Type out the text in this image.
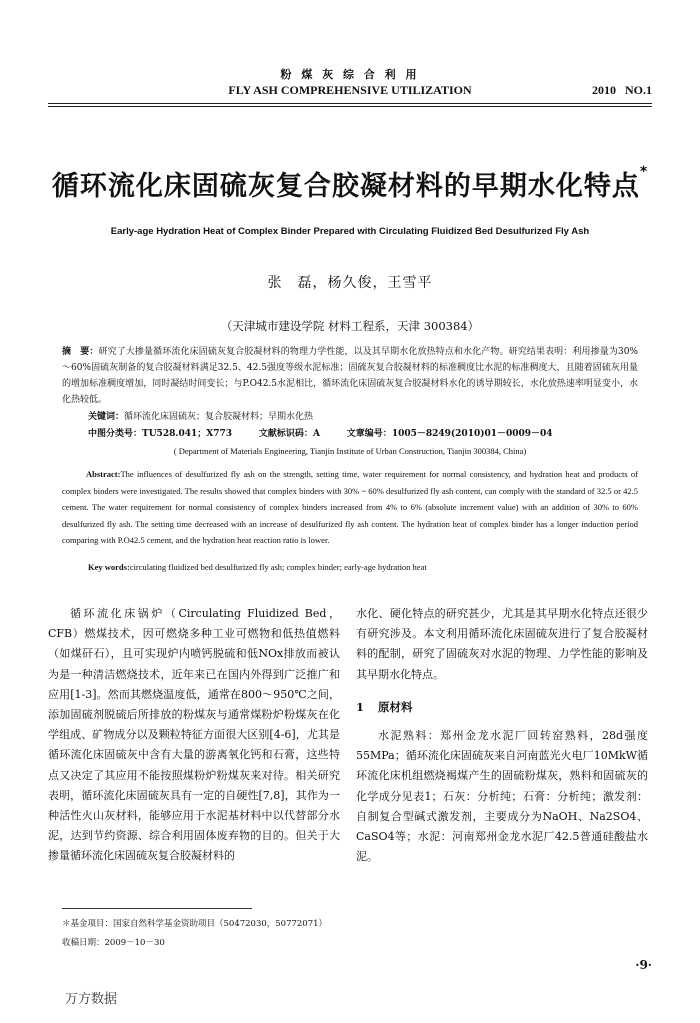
粉 煤 灰 综 合 利 用
FLY ASH COMPREHENSIVE UTILIZATION	2010 NO.1
循环流化床固硫灰复合胶凝材料的早期水化特点*
Early-age Hydration Heat of Complex Binder Prepared with Circulating Fluidized Bed Desulfurized Fly Ash
张　磊，杨久俊，王雪平
（天津城市建设学院 材料工程系，天津 300384）
摘　要：研究了大掺量循环流化床固硫灰复合胶凝材料的物理力学性能，以及其早期水化放热特点和水化产物。研究结果表明：利用掺量为30%～60%固硫灰制备的复合胶凝材料满足32.5、42.5强度等级水泥标准；固硫灰复合胶凝材料的标准稠度比水泥的标准稠度大，且随着固硫灰用量的增加标准稠度增加，同时凝结时间变长；与P.O42.5水泥相比，循环流化床固硫灰复合胶凝材料水化的诱导期较长，水化放热速率明显变小，水化热较低。
关键词：循环流化床固硫灰；复合胶凝材料；早期水化热
中图分类号：TU528.041；X773	文献标识码：A	文章编号：1005－8249(2010)01－0009－04
( Department of Materials Engineering, Tianjin Institute of Urban Construction, Tianjin 300384, China)
Abstract:The influences of desulfurized fly ash on the strength, setting time, water requirement for normal consistency, and hydration heat and products of complex binders were investigated. The results showed that complex binders with 30% ~ 60% desulfurized fly ash content, can comply with the standard of 32.5 or 42.5 cement. The water requirement for normal consistency of complex binders increased from 4% to 6% (absolute increment value) with an addition of 30% to 60% desulfurized fly ash. The setting time decreased with an increase of desulfurized fly ash content. The hydration heat of complex binder has a longer induction period comparing with P.O42.5 cement, and the hydration heat reaction ratio is lower.
Key words:circulating fluidized bed desulfurized fly ash; complex binder; early-age hydration heat

循环流化床锅炉（Circulating Fluidized Bed，CFB）燃煤技术，因可燃烧多种工业可燃物和低热值燃料（如煤矸石），且可实现炉内喷钙脱硫和低NOx排放而被认为是一种清洁燃烧技术，近年来已在国内外得到广泛推广和应用[1-3]。然而其燃烧温度低，通常在800～950℃之间，添加固硫剂脱硫后所排放的粉煤灰与通常煤粉炉粉煤灰在化学组成、矿物成分以及颗粒特征方面很大区别[4-6]，尤其是循环流化床固硫灰中含有大量的游离氧化钙和石膏，这些特点又决定了其应用不能按照煤粉炉粉煤灰来对待。相关研究表明，循环流化床固硫灰具有一定的自硬性[7,8]，其作为一种活性火山灰材料，能够应用于水泥基材料中以代替部分水泥，达到节约资源、综合利用固体废弃物的目的。但关于大掺量循环流化床固硫灰复合胶凝材料的

水化、硬化特点的研究甚少，尤其是其早期水化特点还很少有研究涉及。本文利用循环流化床固硫灰进行了复合胶凝材料的配制，研究了固硫灰对水泥的物理、力学性能的影响及其早期水化特点。

1 原材料

水泥熟料：郑州金龙水泥厂回转窑熟料，28d强度55MPa；循环流化床固硫灰来自河南蓝光火电厂10MkW循环流化床机组燃烧褐煤产生的固硫粉煤灰，熟料和固硫灰的化学成分见表1；石灰：分析纯；石膏：分析纯；激发剂：自制复合型碱式激发剂，主要成分为NaOH、Na2SO4、CaSO4等；水泥：河南郑州金龙水泥厂42.5普通硅酸盐水泥。

＊基金项目：国家自然科学基金资助项目（50472030，50772071）
收稿日期：2009－10－30
·9·
万方数据
